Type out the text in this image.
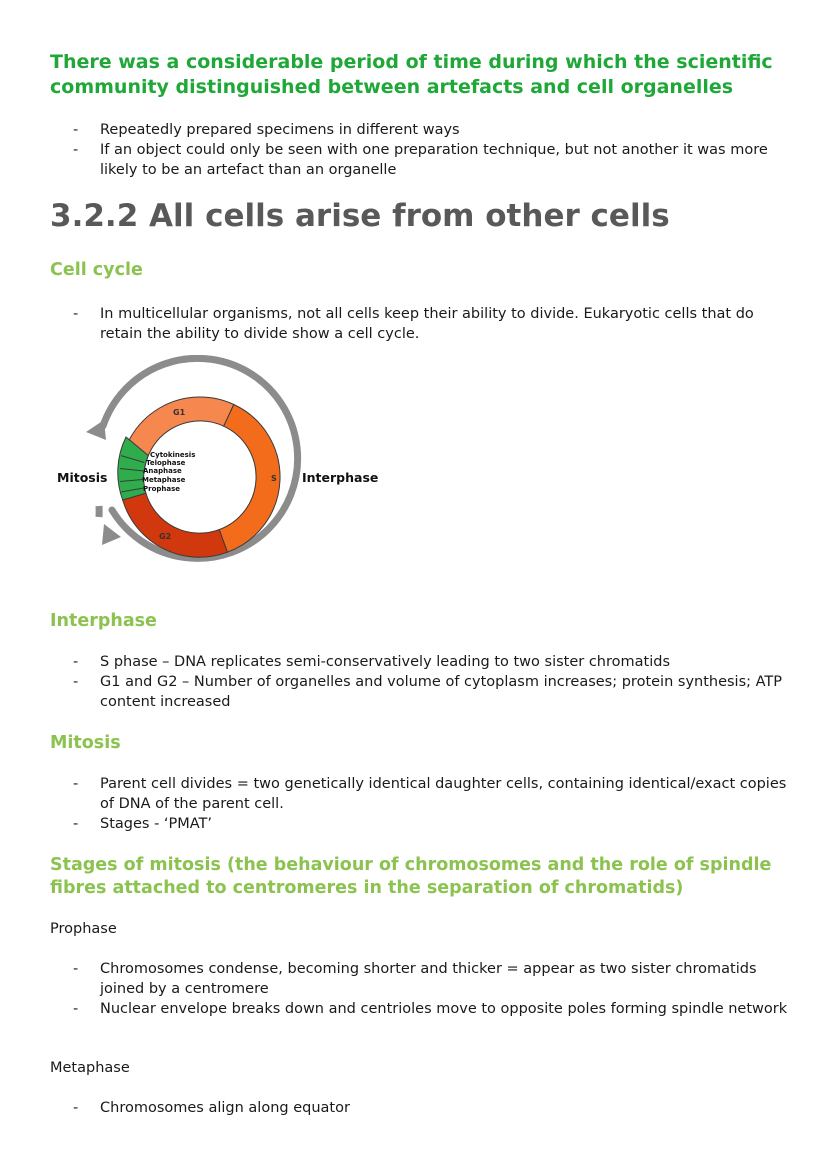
There was a considerable period of time during which the scientific community distinguished between artefacts and cell organelles
- Repeatedly prepared specimens in different ways
- If an object could only be seen with one preparation technique, but not another it was more likely to be an artefact than an organelle
3.2.2 All cells arise from other cells
Cell cycle
- In multicellular organisms, not all cells keep their ability to divide. Eukaryotic cells that do retain the ability to divide show a cell cycle.
G1
S
G2
Cytokinesis
Telophase
Anaphase
Metaphase
Prophase
Mitosis	Interphase
Interphase
- S phase – DNA replicates semi-conservatively leading to two sister chromatids
- G1 and G2 – Number of organelles and volume of cytoplasm increases; protein synthesis; ATP content increased
Mitosis
- Parent cell divides = two genetically identical daughter cells, containing identical/exact copies of DNA of the parent cell.
- Stages - ‘PMAT’
Stages of mitosis (the behaviour of chromosomes and the role of spindle fibres attached to centromeres in the separation of chromatids)
Prophase
- Chromosomes condense, becoming shorter and thicker = appear as two sister chromatids joined by a centromere
- Nuclear envelope breaks down and centrioles move to opposite poles forming spindle network
Metaphase
- Chromosomes align along equator
